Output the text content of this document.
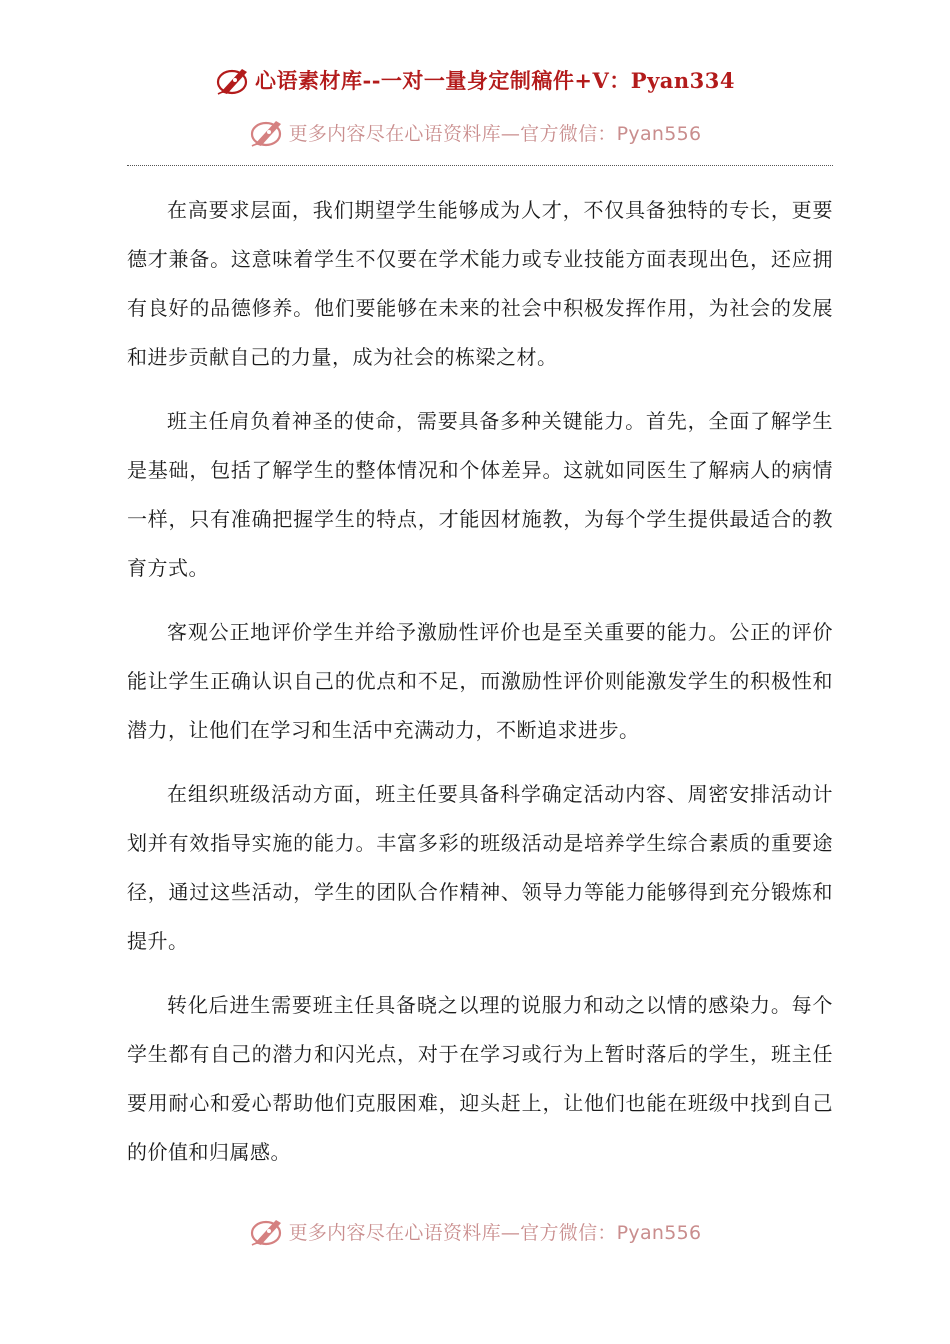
心语素材库--一对一量身定制稿件+V：Pyan334
更多内容尽在心语资料库—官方微信：Pyan556

在高要求层面，我们期望学生能够成为人才，不仅具备独特的专长，更要德才兼备。这意味着学生不仅要在学术能力或专业技能方面表现出色，还应拥有良好的品德修养。他们要能够在未来的社会中积极发挥作用，为社会的发展和进步贡献自己的力量，成为社会的栋梁之材。

班主任肩负着神圣的使命，需要具备多种关键能力。首先，全面了解学生是基础，包括了解学生的整体情况和个体差异。这就如同医生了解病人的病情一样，只有准确把握学生的特点，才能因材施教，为每个学生提供最适合的教育方式。

客观公正地评价学生并给予激励性评价也是至关重要的能力。公正的评价能让学生正确认识自己的优点和不足，而激励性评价则能激发学生的积极性和潜力，让他们在学习和生活中充满动力，不断追求进步。

在组织班级活动方面，班主任要具备科学确定活动内容、周密安排活动计划并有效指导实施的能力。丰富多彩的班级活动是培养学生综合素质的重要途径，通过这些活动，学生的团队合作精神、领导力等能力能够得到充分锻炼和提升。

转化后进生需要班主任具备晓之以理的说服力和动之以情的感染力。每个学生都有自己的潜力和闪光点，对于在学习或行为上暂时落后的学生，班主任要用耐心和爱心帮助他们克服困难，迎头赶上，让他们也能在班级中找到自己的价值和归属感。

更多内容尽在心语资料库—官方微信：Pyan556
